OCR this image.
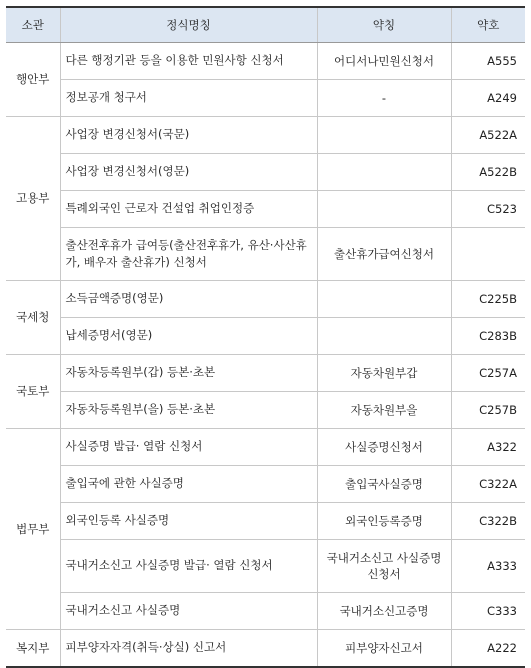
소관	정식명칭	약칭	약호
행안부	다른 행정기관 등을 이용한 민원사항 신청서	어디서나민원신청서	A555
	정보공개 청구서	-	A249
고용부	사업장 변경신청서(국문)		A522A
	사업장 변경신청서(영문)		A522B
	특례외국인 근로자 건설업 취업인정증		C523
	출산전후휴가 급여등(출산전후휴가, 유산·사산휴가, 배우자 출산휴가) 신청서	출산휴가급여신청서	
국세청	소득금액증명(영문)		C225B
	납세증명서(영문)		C283B
국토부	자동차등록원부(갑) 등본·초본	자동차원부갑	C257A
	자동차등록원부(을) 등본·초본	자동차원부을	C257B
법무부	사실증명 발급· 열람 신청서	사실증명신청서	A322
	출입국에 관한 사실증명	출입국사실증명	C322A
	외국인등록 사실증명	외국인등록증명	C322B
	국내거소신고 사실증명 발급· 열람 신청서	국내거소신고 사실증명신청서	A333
	국내거소신고 사실증명	국내거소신고증명	C333
복지부	피부양자자격(취득·상실) 신고서	피부양자신고서	A222
